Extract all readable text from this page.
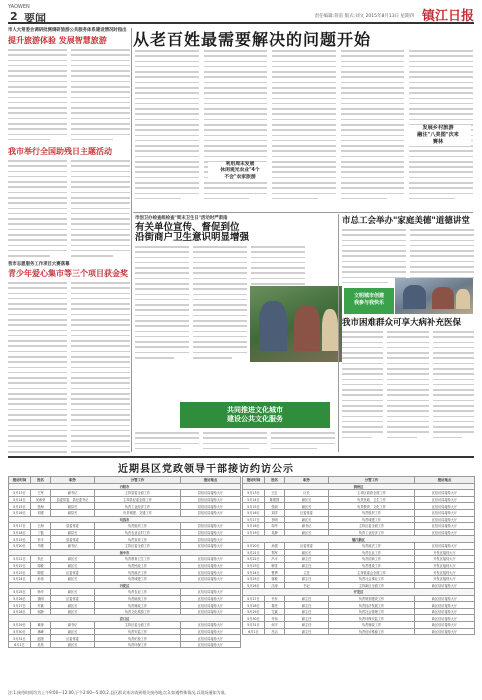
YAOWEN
2 要闻	责任编辑:蒋雷 版式:刘文 2015年8月13日 星期四 镇江日报
市人大常委会调研批测调研旅游公共服务体系建设情况时指出
提升旅游体验 发展智慧旅游
我市举行全国助残日主题活动
我市志愿服务工作项目大赛落幕
青少年爱心集市等三个项目获金奖
从老百姓最需要解决的问题开始
利用周末发展
休闲观光农业"4个
不会"农家旅游
发展乡村旅游
融注"八美图"次来
赛林
市创卫办检查组检查"周末卫生日"活动时严肃指
有关单位宣传、督促到位
沿街商户卫生意识明显增强
共同推进文化城市
建设公共文化服务
市总工会举办"家庭美德"道德讲堂
文明城市创建
我参与我快乐
我市困难群众可享大病补充医保
近期县区党政领导干部接访约访公示
接访时间	姓名	职务	分管工作	接访地点
丹阳市				
5月13日	王军	副书记	主持县委全面工作	县信访局接待大厅
5月14日	吴承荣	县委常委、县纪委书记	主持县纪委全面工作	县信访局接待大厅
5月15日	张海	副县长	负责工业经济工作	县信访局接待大厅
5月16日	刘建	副县长	负责城建、交通工作	县信访局接待大厅
句容市				
5月17日	王海	县委常委	负责组织工作	县信访局接待大厅
5月18日	丁磊	副县长	负责农业农村工作	县信访局接待大厅
5月19日	李平	县委常委	负责宣传工作	县信访局接待大厅
5月20日	马骏	副书记	主持区委全面工作	区信访局接待大厅
扬中市				
5月21日	朱红	副区长	负责教育卫生工作	区信访局接待大厅
5月22日	周敏	副区长	负责民政工作	区信访局接待大厅
5月23日	陈强	区委常委	负责政法工作	区信访局接待大厅
5月24日	孙伟	副区长	负责城建工作	区信访局接待大厅
丹徒区				
5月25日	杨华	副区长	负责农业工作	区信访局接待大厅
5月26日	钱明	区委常委	负责统战工作	区信访局接待大厅
5月27日	许斌	副区长	负责财政工作	区信访局接待大厅
5月28日	何静	副区长	负责文化旅游工作	区信访局接待大厅
京口区				
5月29日	黄涛	副书记	主持区委全面工作	区信访局接待大厅
5月30日	林峰	副区长	负责安监工作	区信访局接待大厅
5月31日	赵刚	区委常委	负责纪检工作	区信访局接待大厅
6月1日	吴昊	副区长	负责环保工作	区信访局接待大厅
接访时间	姓名	职务	分管工作	接访地点
润州区				
5月13日	王红	区长	主持区政府全面工作	区信访局接待大厅
5月14日	陈建国	副区长	负责民政、卫生工作	区信访局接待大厅
5月15日	张丽	副区长	负责教育、文化工作	区信访局接待大厅
5月16日	刘洋	区委常委	负责组织工作	区信访局接待大厅
5月17日	李明	副区长	负责城建工作	区信访局接待大厅
5月18日	周华	副书记	主持区委全面工作	区信访局接待大厅
5月19日	吴静	副区长	负责工业经济工作	区信访局接待大厅
镇江新区				
5月20日	孙强	区委常委	负责政法工作	区信访局接待大厅
5月21日	郑军	副区长	负责农业工作	开发区接待大厅
5月22日	冯平	副主任	负责招商工作	开发区接待大厅
5月23日	韩雪	副主任	负责建设工作	开发区接待大厅
5月24日	曹勇	主任	主持管委会全面工作	开发区接待大厅
5月25日	蒋敏	副主任	负责社会事业工作	开发区接待大厅
5月26日	沈涛	书记	主持新区全面工作	新区信访接待大厅
开发区				
5月27日	韦东	副主任	负责规划建设工作	新区信访接待大厅
5月28日	秦亮	副主任	负责经济发展工作	新区信访接待大厅
5月29日	尤斌	副主任	负责社会管理工作	新区信访接待大厅
5月30日	许伟	副主任	负责环保安监工作	新区信访接待大厅
5月31日	何平	副主任	负责财政工作	新区信访接待大厅
6月1日	吕洁	副主任	负责信访维稳工作	新区信访接待大厅
注:1.接待时间均为上午9:00—12:00,下午2:00—5:00;2.县区群众来访请到相关接待地点;3.如遇特殊情况,以现场通知为准。
